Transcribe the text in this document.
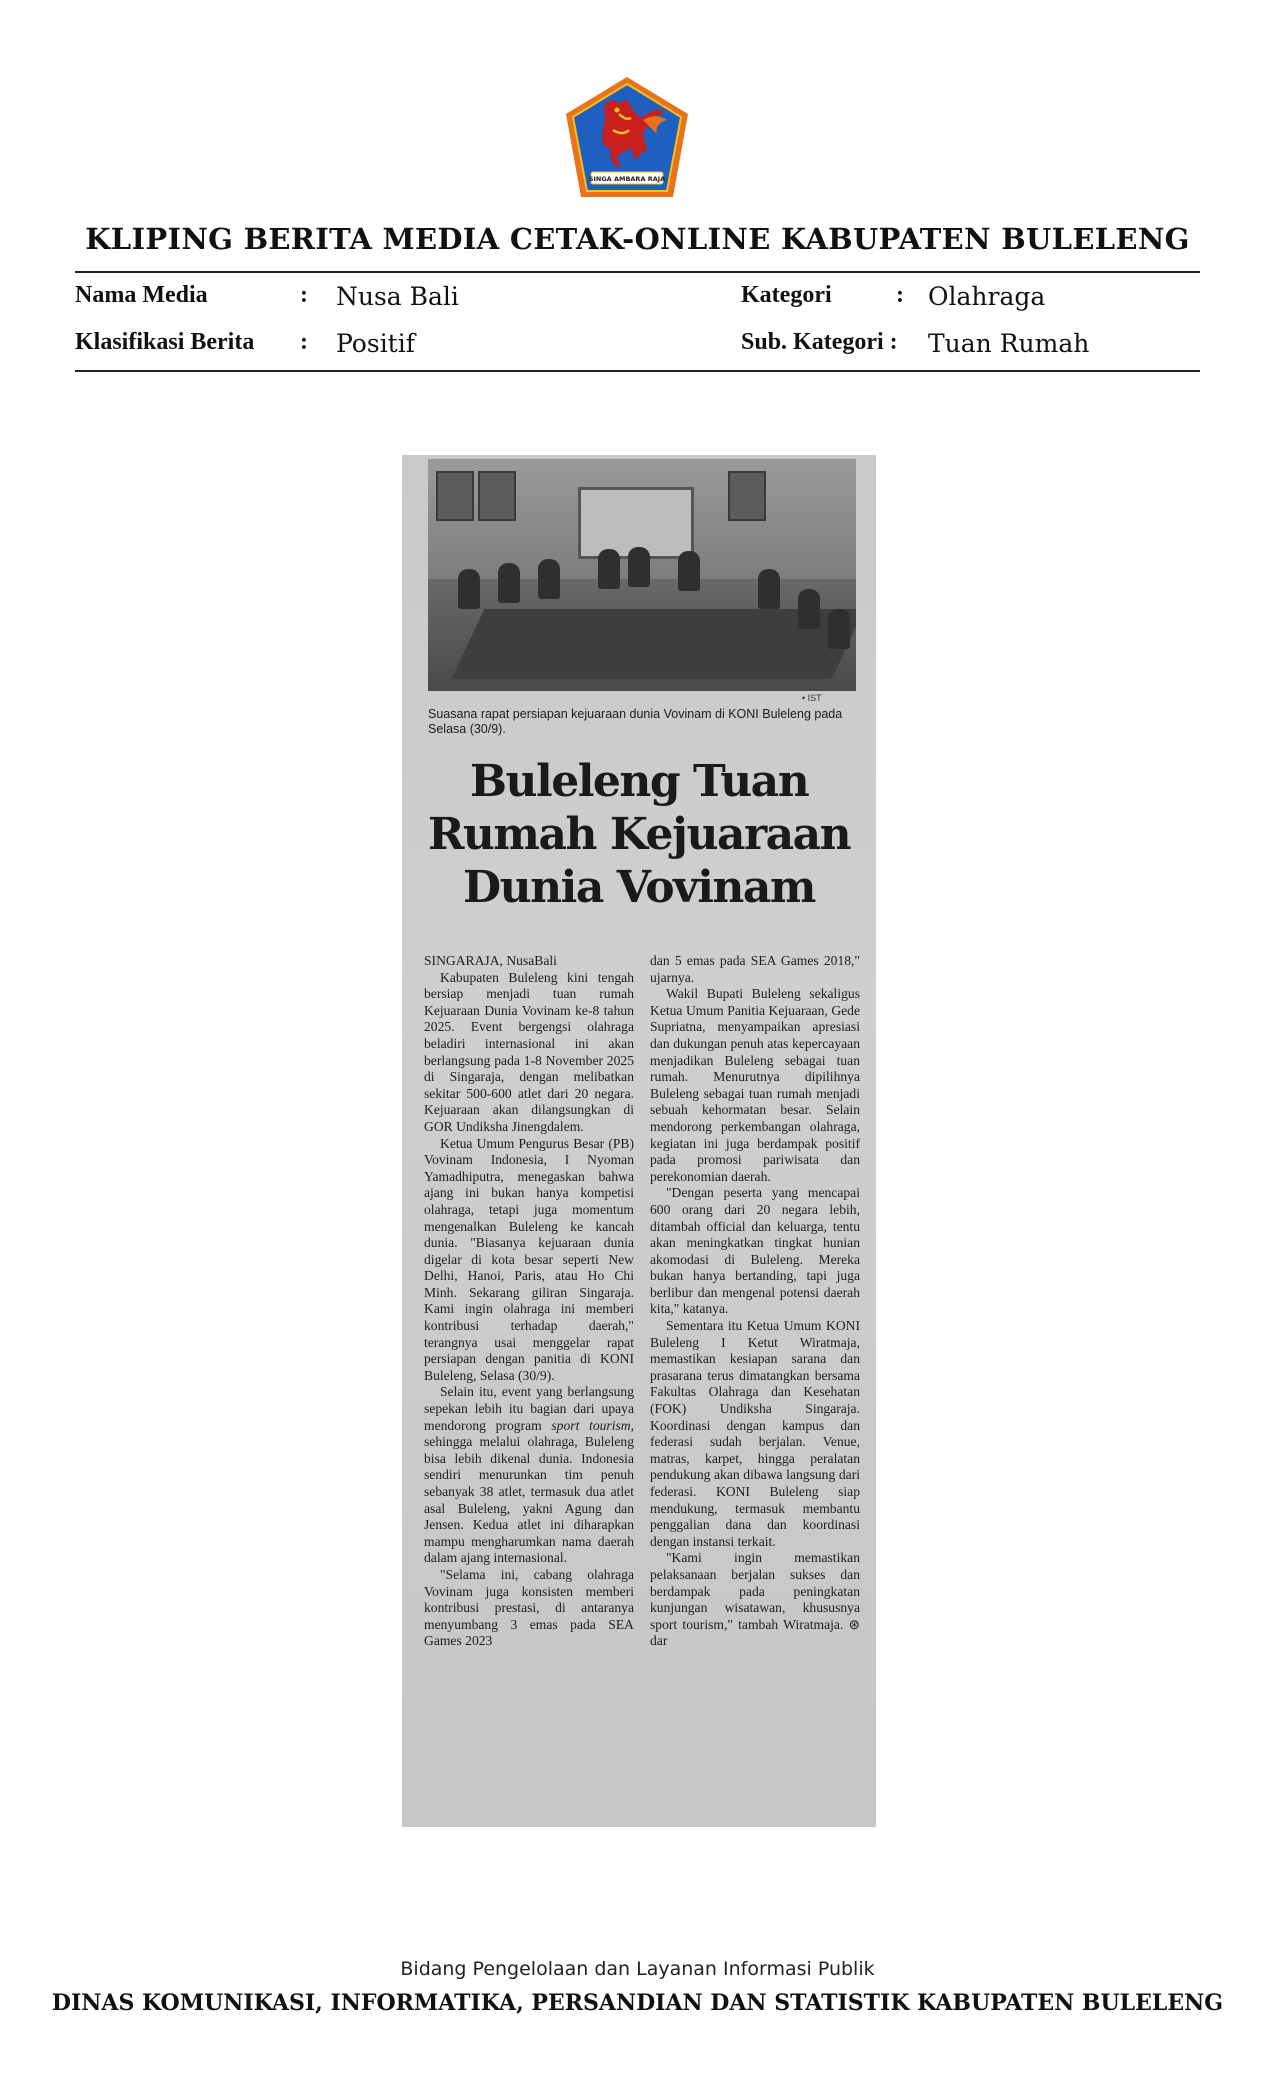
SINGA AMBARA RAJA
KLIPING BERITA MEDIA CETAK-ONLINE KABUPATEN BULELENG
Nama Media	: Nusa Bali
Klasifikasi Berita : Positif
Kategori	: Olahraga
Sub. Kategori : Tuan Rumah
• IST
Suasana rapat persiapan kejuaraan dunia Vovinam di KONI Buleleng pada Selasa (30/9).
Buleleng Tuan Rumah Kejuaraan Dunia Vovinam

SINGARAJA, NusaBali

Kabupaten Buleleng kini tengah bersiap menjadi tuan rumah Kejuaraan Dunia Vovinam ke-8 tahun 2025. Event bergengsi olahraga beladiri internasional ini akan berlangsung pada 1-8 November 2025 di Singaraja, dengan melibatkan sekitar 500-600 atlet dari 20 negara. Kejuaraan akan dilangsungkan di GOR Undiksha Jinengdalem.

Ketua Umum Pengurus Besar (PB) Vovinam Indonesia, I Nyoman Yamadhiputra, menegaskan bahwa ajang ini bukan hanya kompetisi olahraga, tetapi juga momentum mengenalkan Buleleng ke kancah dunia. "Biasanya kejuaraan dunia digelar di kota besar seperti New Delhi, Hanoi, Paris, atau Ho Chi Minh. Sekarang giliran Singaraja. Kami ingin olahraga ini memberi kontribusi terhadap daerah," terangnya usai menggelar rapat persiapan dengan panitia di KONI Buleleng, Selasa (30/9).

Selain itu, event yang berlangsung sepekan lebih itu bagian dari upaya mendorong program sport tourism, sehingga melalui olahraga, Buleleng bisa lebih dikenal dunia. Indonesia sendiri menurunkan tim penuh sebanyak 38 atlet, termasuk dua atlet asal Buleleng, yakni Agung dan Jensen. Kedua atlet ini diharapkan mampu mengharumkan nama daerah dalam ajang internasional.

"Selama ini, cabang olahraga Vovinam juga konsisten memberi kontribusi prestasi, di antaranya menyumbang 3 emas pada SEA Games 2023

dan 5 emas pada SEA Games 2018," ujarnya.

Wakil Bupati Buleleng sekaligus Ketua Umum Panitia Kejuaraan, Gede Supriatna, menyampaikan apresiasi dan dukungan penuh atas kepercayaan menjadikan Buleleng sebagai tuan rumah. Menurutnya dipilihnya Buleleng sebagai tuan rumah menjadi sebuah kehormatan besar. Selain mendorong perkembangan olahraga, kegiatan ini juga berdampak positif pada promosi pariwisata dan perekonomian daerah.

"Dengan peserta yang mencapai 600 orang dari 20 negara lebih, ditambah official dan keluarga, tentu akan meningkatkan tingkat hunian akomodasi di Buleleng. Mereka bukan hanya bertanding, tapi juga berlibur dan mengenal potensi daerah kita," katanya.

Sementara itu Ketua Umum KONI Buleleng I Ketut Wiratmaja, memastikan kesiapan sarana dan prasarana terus dimatangkan bersama Fakultas Olahraga dan Kesehatan (FOK) Undiksha Singaraja. Koordinasi dengan kampus dan federasi sudah berjalan. Venue, matras, karpet, hingga peralatan pendukung akan dibawa langsung dari federasi. KONI Buleleng siap mendukung, termasuk membantu penggalian dana dan koordinasi dengan instansi terkait.

"Kami ingin memastikan pelaksanaan berjalan sukses dan berdampak pada peningkatan kunjungan wisatawan, khususnya sport tourism," tambah Wiratmaja. ⊛ dar

Bidang Pengelolaan dan Layanan Informasi Publik
DINAS KOMUNIKASI, INFORMATIKA, PERSANDIAN DAN STATISTIK KABUPATEN BULELENG
